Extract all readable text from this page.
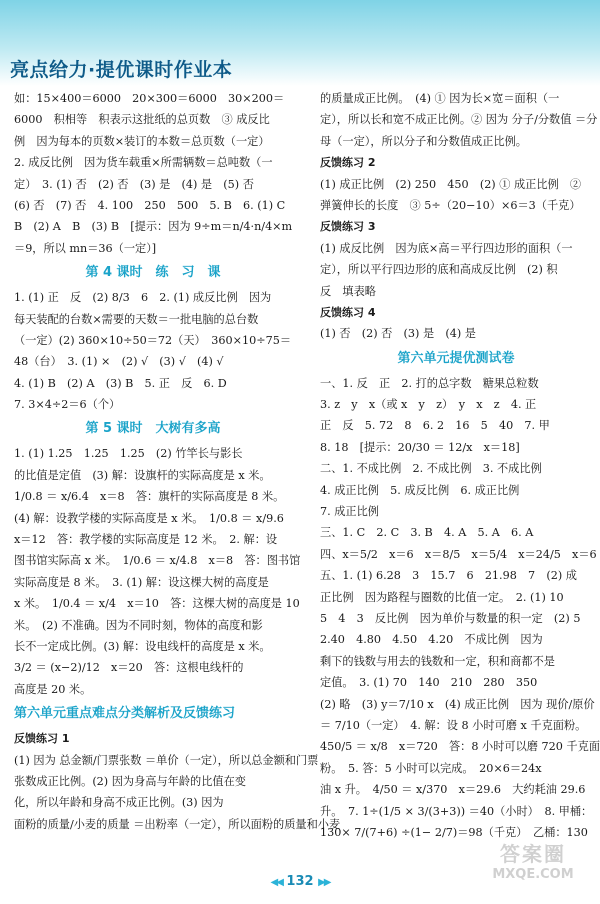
亮点给力·提优课时作业本
如：15×400＝6000　20×300＝6000　30×200＝
6000　积相等　积表示这批纸的总页数　③ 成反比
例　因为每本的页数×装订的本数＝总页数（一定）
2. 成反比例　因为货车载重×所需辆数＝总吨数（一
定）　3. (1) 否　(2) 否　(3) 是　(4) 是　(5) 否
(6) 否　(7) 否　4. 100　250　500　5. B　6. (1) C
B　(2) A　B　(3) B　[提示：因为 9÷m＝n/4·n/4×m
＝9，所以 mn＝36（一定）]
第 4 课时　练　习　课
1. (1) 正　反　(2) 8/3　6　2. (1) 成反比例　因为
每天装配的台数×需要的天数＝一批电脑的总台数
（一定）(2) 360×10÷50＝72（天）　360×10÷75＝
48（台）　3. (1) ×　(2) √　(3) √　(4) √
4. (1) B　(2) A　(3) B　5. 正　反　6. D
7. 3×4÷2＝6（个）
第 5 课时　大树有多高
1. (1) 1.25　1.25　1.25　(2) 竹竿长与影长
的比值是定值　(3) 解：设旗杆的实际高度是 x 米。
1/0.8 ＝ x/6.4　x＝8　答：旗杆的实际高度是 8 米。
(4) 解：设教学楼的实际高度是 x 米。　1/0.8 ＝ x/9.6
x＝12　答：教学楼的实际高度是 12 米。　2. 解：设
图书馆实际高 x 米。　1/0.6 ＝ x/4.8　x＝8　答：图书馆
实际高度是 8 米。　3. (1) 解：设这棵大树的高度是
x 米。　1/0.4 ＝ x/4　x＝10　答：这棵大树的高度是 10
米。　(2) 不准确。因为不同时刻，物体的高度和影
长不一定成比例。(3) 解：设电线杆的高度是 x 米。
3/2 ＝ (x−2)/12　x＝20　答：这根电线杆的
高度是 20 米。
第六单元重点难点分类解析及反馈练习
反馈练习 1
(1) 因为 总金额/门票张数 ＝单价（一定），所以总金额和门票
张数成正比例。(2) 因为身高与年龄的比值在变
化，所以年龄和身高不成正比例。(3) 因为
面粉的质量/小麦的质量 ＝出粉率（一定），所以面粉的质量和小麦
的质量成正比例。　(4) ① 因为长×宽＝面积（一
定），所以长和宽不成正比例。② 因为 分子/分数值 ＝分
母（一定），所以分子和分数值成正比例。
反馈练习 2
(1) 成正比例　(2) 250　450　(2) ① 成正比例　②
弹簧伸长的长度　③ 5÷（20−10）×6＝3（千克）
反馈练习 3
(1) 成反比例　因为底×高＝平行四边形的面积（一
定），所以平行四边形的底和高成反比例　(2) 积
反　填表略
反馈练习 4
(1) 否　(2) 否　(3) 是　(4) 是
第六单元提优测试卷
一、1. 反　正　2. 打的总字数　糖果总粒数
3. z　y　x（或 x　y　z）　y　x　z　4. 正
正　反　5. 72　8　6. 2　16　5　40　7. 甲
8. 18　[提示：20/30 ＝ 12/x　x＝18]
二、1. 不成比例　2. 不成比例　3. 不成比例
4. 成正比例　5. 成反比例　6. 成正比例
7. 成正比例
三、1. C　2. C　3. B　4. A　5. A　6. A
四、x＝5/2　x＝6　x＝8/5　x＝5/4　x＝24/5　x＝6
五、1. (1) 6.28　3　15.7　6　21.98　7　(2) 成
正比例　因为路程与圈数的比值一定。　2. (1) 10
5　4　3　反比例　因为单价与数量的积一定　(2) 5
2.40　4.80　4.50　4.20　不成比例　因为
剩下的钱数与用去的钱数和一定，积和商都不是
定值。　3. (1) 70　140　210　280　350
(2) 略　(3) y＝7/10 x　(4) 成正比例　因为 现价/原价
＝ 7/10（一定）　4. 解：设 8 小时可磨 x 千克面粉。
450/5 ＝ x/8　x＝720　答：8 小时可以磨 720 千克面
粉。　5. 答：5 小时可以完成。　20×6＝24x
油 x 升。　4/50 ＝ x/370　x＝29.6　大约耗油 29.6
升。　7. 1÷(1/5 × 3/(3+3)) ＝40（小时）　8. 甲桶：
130× 7/(7+6) ÷(1− 2/7)＝98（千克）　乙桶：130
◀◀ 132 ▶▶
答案圈
MXQE.COM
